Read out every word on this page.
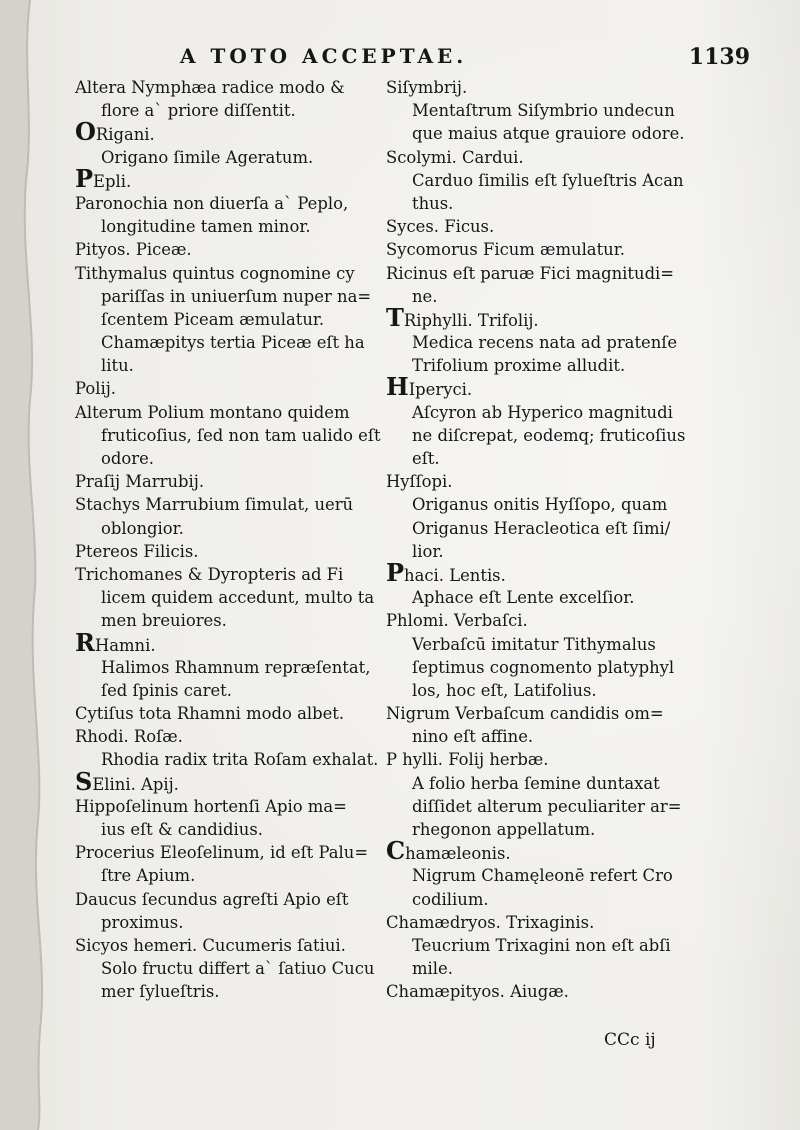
A TOTO ACCEPTAE.	1139
Altera Nymphæa radice modo &
flore a` priore diſſentit.
ORigani.
Origano ſimile Ageratum.
PEpli.
Paronochia non diuerſa a` Peplo,
longitudine tamen minor.
Pityos. Piceæ.
Tithymalus quintus cognomine cy
pariſſas in uniuerſum nuper na=
ſcentem Piceam æmulatur.
Chamæpitys tertia Piceæ eſt ha
litu.
Polij.
Alterum Polium montano quidem
fruticoſius, ſed non tam ualido eſt
odore.
Praſij Marrubij.
Stachys Marrubium ſimulat, uerū
oblongior.
Ptereos Filicis.
Trichomanes & Dyropteris ad Fi
licem quidem accedunt, multo ta
men breuiores.
RHamni.
Halimos Rhamnum repræſentat,
ſed ſpinis caret.
Cytiſus tota Rhamni modo albet.
Rhodi. Roſæ.
Rhodia radix trita Roſam exhalat.
SElini. Apij.
Hippoſelinum hortenſi Apio ma=
ius eſt & candidius.
Procerius Eleoſelinum, id eſt Palu=
ſtre Apium.
Daucus ſecundus agreſti Apio eſt
proximus.
Sicyos hemeri. Cucumeris ſatiui.
Solo fructu differt a` ſatiuo Cucu
mer ſylueſtris.
Siſymbrij.
Mentaſtrum Siſymbrio undecun
que maius atque grauiore odore.
Scolymi. Cardui.
Carduo ſimilis eſt ſylueſtris Acan
thus.
Syces. Ficus.
Sycomorus Ficum æmulatur.
Ricinus eſt paruæ Fici magnitudi=
ne.
TRiphylli. Trifolij.
Medica recens nata ad pratenſe
Trifolium proxime alludit.
HIperyci.
Aſcyron ab Hyperico magnitudi
ne diſcrepat, eodemq; fruticoſius
eſt.
Hyſſopi.
Origanus onitis Hyſſopo, quam
Origanus Heracleotica eſt ſimi/
lior.
Phaci. Lentis.
Aphace eſt Lente excelſior.
Phlomi. Verbaſci.
Verbaſcū imitatur Tithymalus
ſeptimus cognomento platyphyl
los, hoc eſt, Latifolius.
Nigrum Verbaſcum candidis om=
nino eſt affine.
P hylli. Folij herbæ.
A folio herba ſemine duntaxat
diſſidet alterum peculiariter ar=
rhegonon appellatum.
Chamæleonis.
Nigrum Chamęleonē refert Cro
codilium.
Chamædryos. Trixaginis.
Teucrium Trixagini non eſt abſi
mile.
Chamæpityos. Aiugæ.
CCc ij
